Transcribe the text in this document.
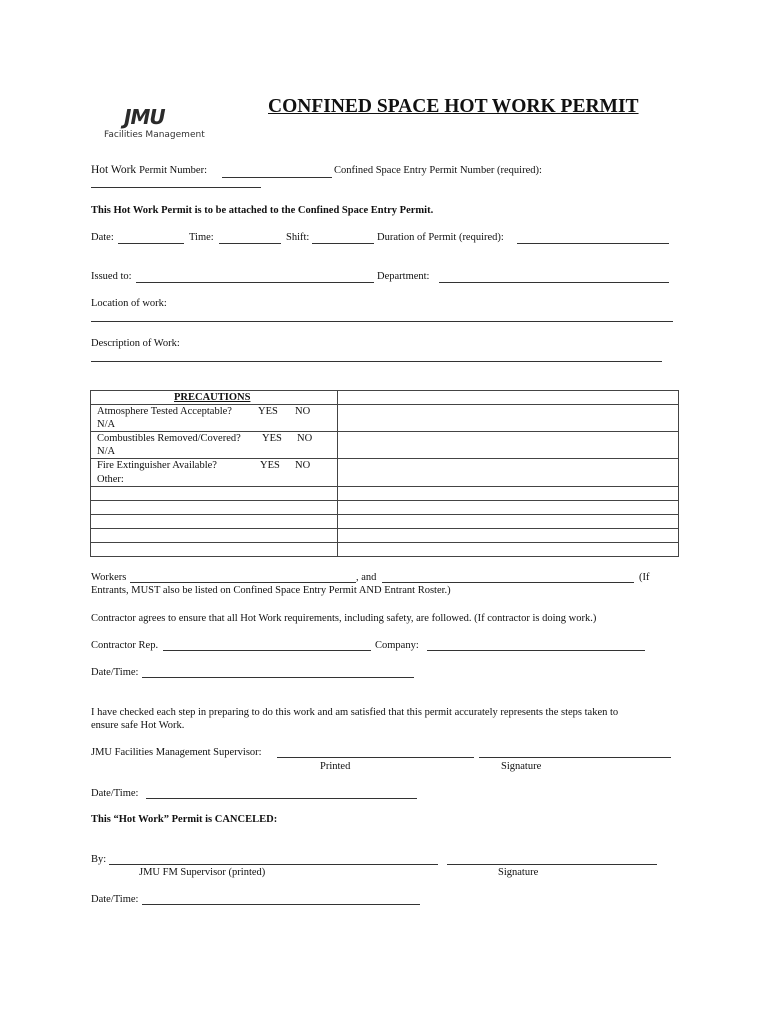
JMU
Facilities Management
CONFINED SPACE HOT WORK PERMIT
Hot Work Permit Number:	Confined Space Entry Permit Number (required):
This Hot Work Permit is to be attached to the Confined Space Entry Permit.
Date:	Time:	Shift:	Duration of Permit (required):
Issued to:	Department:
Location of work:
Description of Work:
PRECAUTIONS
Atmosphere Tested Acceptable? YES NO
N/A
Combustibles Removed/Covered? YES NO
N/A
Fire Extinguisher Available?	YES NO
Other:
Workers	, and	(If
Entrants, MUST also be listed on Confined Space Entry Permit AND Entrant Roster.)
Contractor agrees to ensure that all Hot Work requirements, including safety, are followed. (If contractor is doing work.)
Contractor Rep.	Company:
Date/Time:
I have checked each step in preparing to do this work and am satisfied that this permit accurately represents the steps taken to
ensure safe Hot Work.
JMU Facilities Management Supervisor:
Printed	Signature
Date/Time:
This “Hot Work” Permit is CANCELED:
By:
JMU FM Supervisor (printed)	Signature
Date/Time:
